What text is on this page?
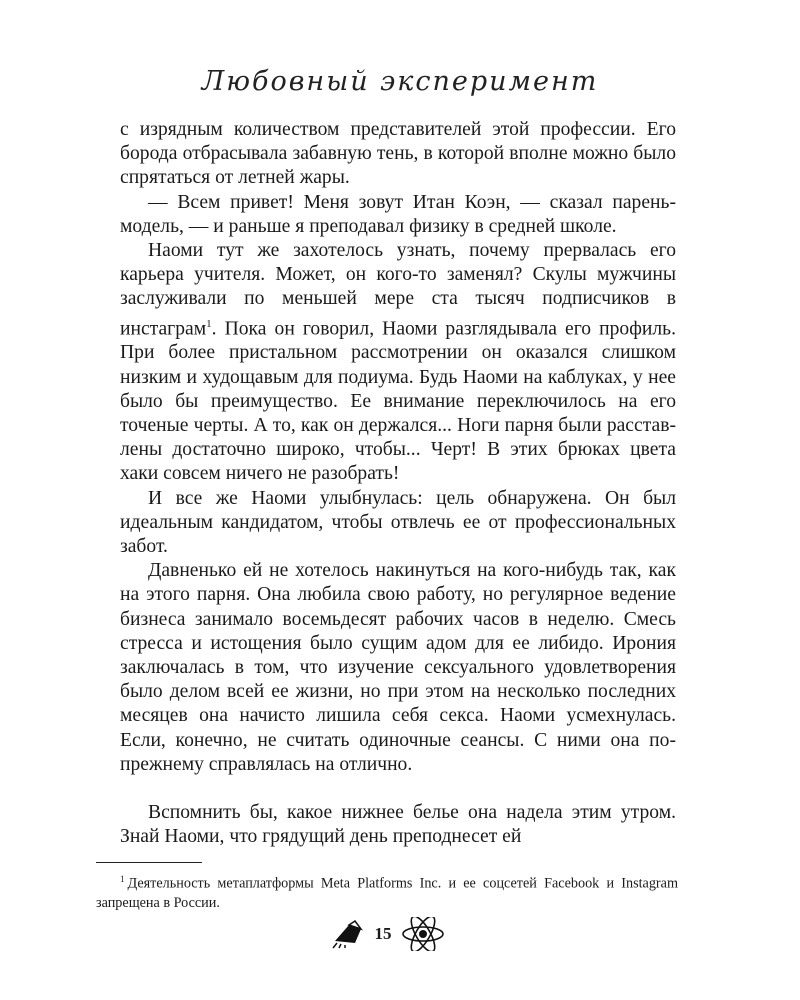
Любовный эксперимент

с изрядным количеством представителей этой профессии. Его борода отбрасывала забавную тень, в которой вполне можно было спрятаться от летней жары.

— Всем привет! Меня зовут Итан Коэн, — сказал парень-модель, — и раньше я преподавал физику в средней школе.

Наоми тут же захотелось узнать, почему прервалась его карьера учителя. Может, он кого-то заменял? Скулы мужчины заслуживали по меньшей мере ста тысяч подписчиков в инстаграм$^1$. Пока он говорил, Наоми разглядывала его профиль. При более пристальном рассмотрении он оказался слишком низким и худощавым для подиума. Будь Наоми на каблуках, у нее было бы преимущество. Ее внимание переключилось на его точеные черты. А то, как он держался... Ноги парня были расставлены достаточно широко, чтобы... Черт! В этих брюках цвета хаки совсем ничего не разобрать!

И все же Наоми улыбнулась: цель обнаружена. Он был идеальным кандидатом, чтобы отвлечь ее от профессиональных забот.

Давненько ей не хотелось накинуться на кого-нибудь так, как на этого парня. Она любила свою работу, но регулярное ведение бизнеса занимало восемьдесят рабочих часов в неделю. Смесь стресса и истощения было сущим адом для ее либидо. Ирония заключалась в том, что изучение сексуального удовлетворения было делом всей ее жизни, но при этом на несколько последних месяцев она начисто лишила себя секса. Наоми усмехнулась. Если, конечно, не считать одиночные сеансы. С ними она попрежнему справлялась на отлично.

Вспомнить бы, какое нижнее белье она надела этим утром. Знай Наоми, что грядущий день преподнесет ей

$^1$ Деятельность метаплатформы Meta Platforms Inc. и ее соцсетей Facebook и Instagram запрещена в России.
15
